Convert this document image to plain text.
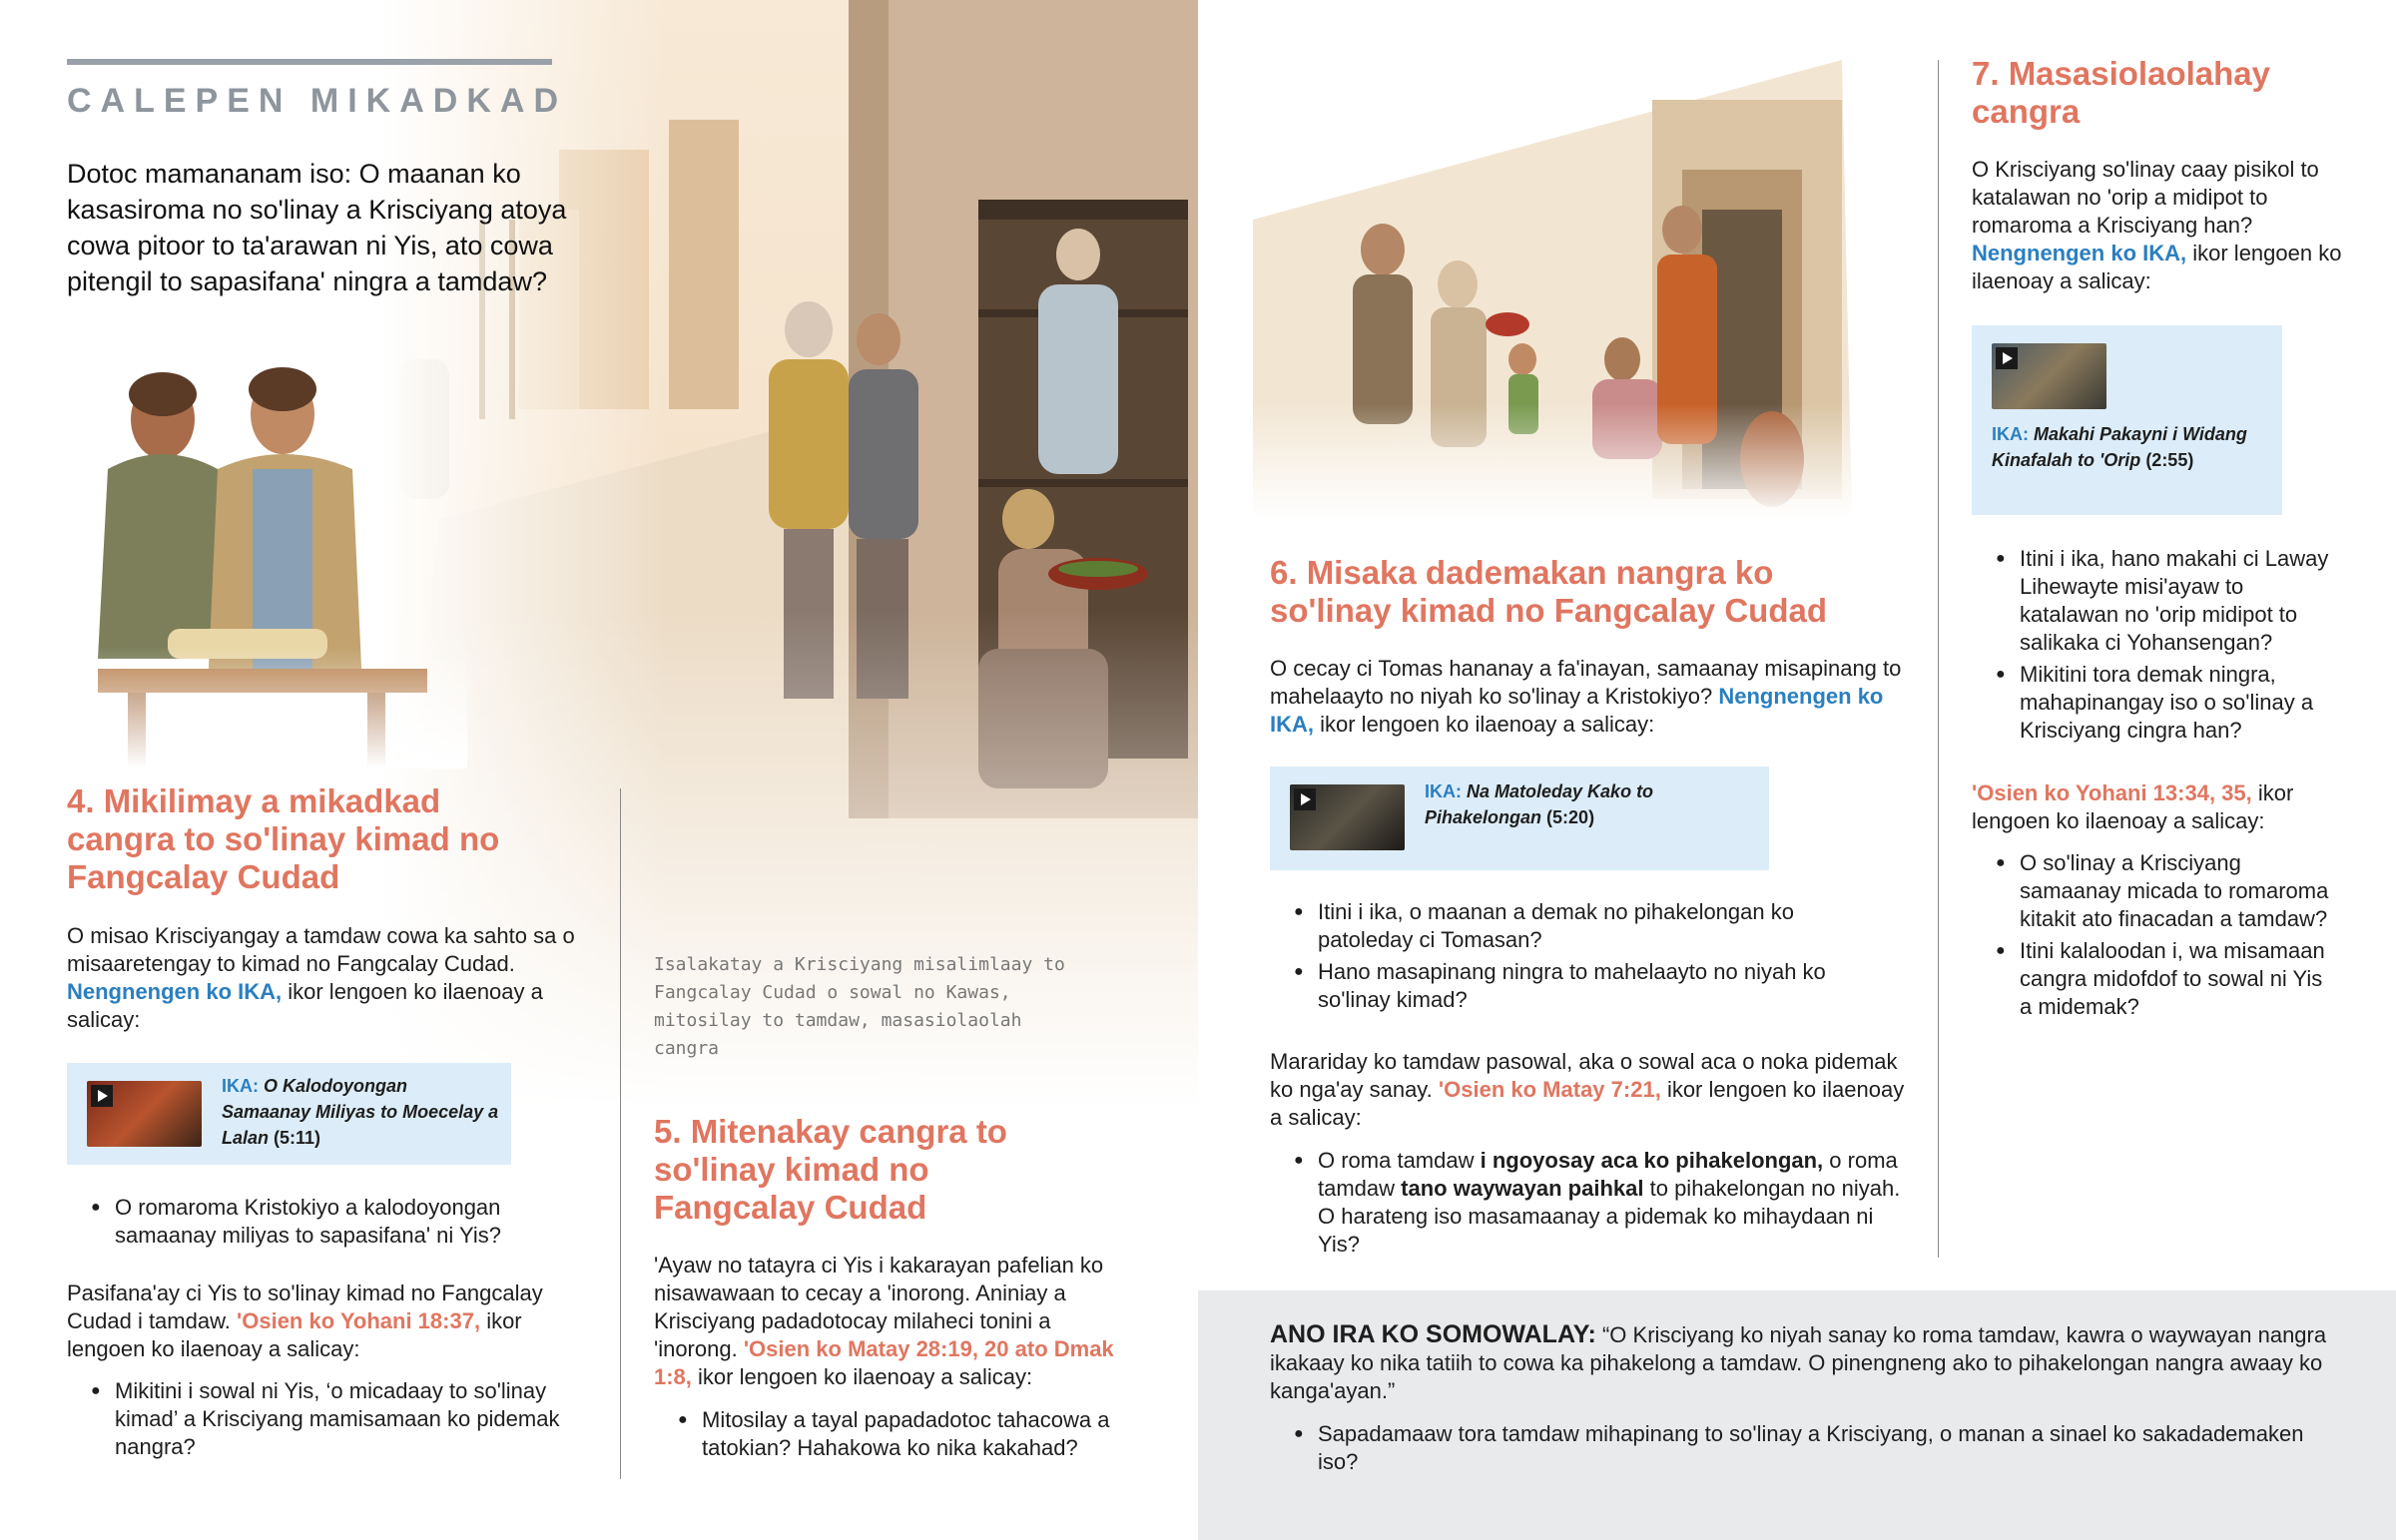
CALEPEN MIKADKAD
Dotoc mamananam iso: O maanan ko kasasiroma no so'linay a Krisciyang atoya cowa pitoor to ta'arawan ni Yis, ato cowa pitengil to sapasifana' ningra a tamdaw?
Isalakatay a Krisciyang misalimlaay to Fangcalay Cudad o sowal no Kawas, mitosilay to tamdaw, masasiolaolah cangra
4. Mikilimay a mikadkad cangra to so'linay kimad no Fangcalay Cudad
O misao Krisciyangay a tamdaw cowa ka sahto sa o misaaretengay to kimad no Fangcalay Cudad. Nengnengen ko IKA, ikor lengoen ko ilaenoay a salicay:
IKA: O Kalodoyongan Samaanay Miliyas to Moecelay a Lalan (5:11)
● O romaroma Kristokiyo a kalodoyongan samaanay miliyas to sapasifana' ni Yis?
Pasifana'ay ci Yis to so'linay kimad no Fangcalay Cudad i tamdaw. 'Osien ko Yohani 18:37, ikor lengoen ko ilaenoay a salicay:
● Mikitini i sowal ni Yis, ‘o micadaay to so'linay kimad’ a Krisciyang mamisamaan ko pidemak nangra?
5. Mitenakay cangra to so'linay kimad no Fangcalay Cudad
'Ayaw no tatayra ci Yis i kakarayan pafelian ko nisawawaan to cecay a 'inorong. Aniniay a Krisciyang padadotocay milaheci tonini a 'inorong. 'Osien ko Matay 28:19, 20 ato Dmak 1:8, ikor lengoen ko ilaenoay a salicay:
● Mitosilay a tayal papadadotoc tahacowa a tatokian? Hahakowa ko nika kakahad?
6. Misaka dademakan nangra ko so'linay kimad no Fangcalay Cudad
O cecay ci Tomas hananay a fa'inayan, samaanay misapinang to mahelaayto no niyah ko so'linay a Kristokiyo? Nengnengen ko IKA, ikor lengoen ko ilaenoay a salicay:
IKA: Na Matoleday Kako to Pihakelongan (5:20)
● Itini i ika, o maanan a demak no pihakelongan ko patoleday ci Tomasan?
● Hano masapinang ningra to mahelaayto no niyah ko so'linay kimad?
Marariday ko tamdaw pasowal, aka o sowal aca o noka pidemak ko nga'ay sanay. 'Osien ko Matay 7:21, ikor lengoen ko ilaenoay a salicay:
● O roma tamdaw i ngoyosay aca ko pihakelongan, o roma tamdaw tano waywayan paihkal to pihakelongan no niyah. O harateng iso masamaanay a pidemak ko mihaydaan ni Yis?
7. Masasiolaolahay cangra
O Krisciyang so'linay caay pisikol to katalawan no 'orip a midipot to romaroma a Krisciyang han? Nengnengen ko IKA, ikor lengoen ko ilaenoay a salicay:
IKA: Makahi Pakayni i Widang Kinafalah to 'Orip (2:55)
● Itini i ika, hano makahi ci Laway Lihewayte misi'ayaw to katalawan no 'orip midipot to salikaka ci Yohansengan?
● Mikitini tora demak ningra, mahapinangay iso o so'linay a Krisciyang cingra han?
'Osien ko Yohani 13:34, 35, ikor lengoen ko ilaenoay a salicay:
● O so'linay a Krisciyang samaanay micada to romaroma kitakit ato finacadan a tamdaw?
● Itini kalaloodan i, wa misamaan cangra midofdof to sowal ni Yis a midemak?
ANO IRA KO SOMOWALAY: “O Krisciyang ko niyah sanay ko roma tamdaw, kawra o waywayan nangra ikakaay ko nika tatiih to cowa ka pihakelong a tamdaw. O pinengneng ako to pihakelongan nangra awaay ko kanga'ayan.”
● Sapadamaaw tora tamdaw mihapinang to so'linay a Krisciyang, o manan a sinael ko sakadademaken iso?
